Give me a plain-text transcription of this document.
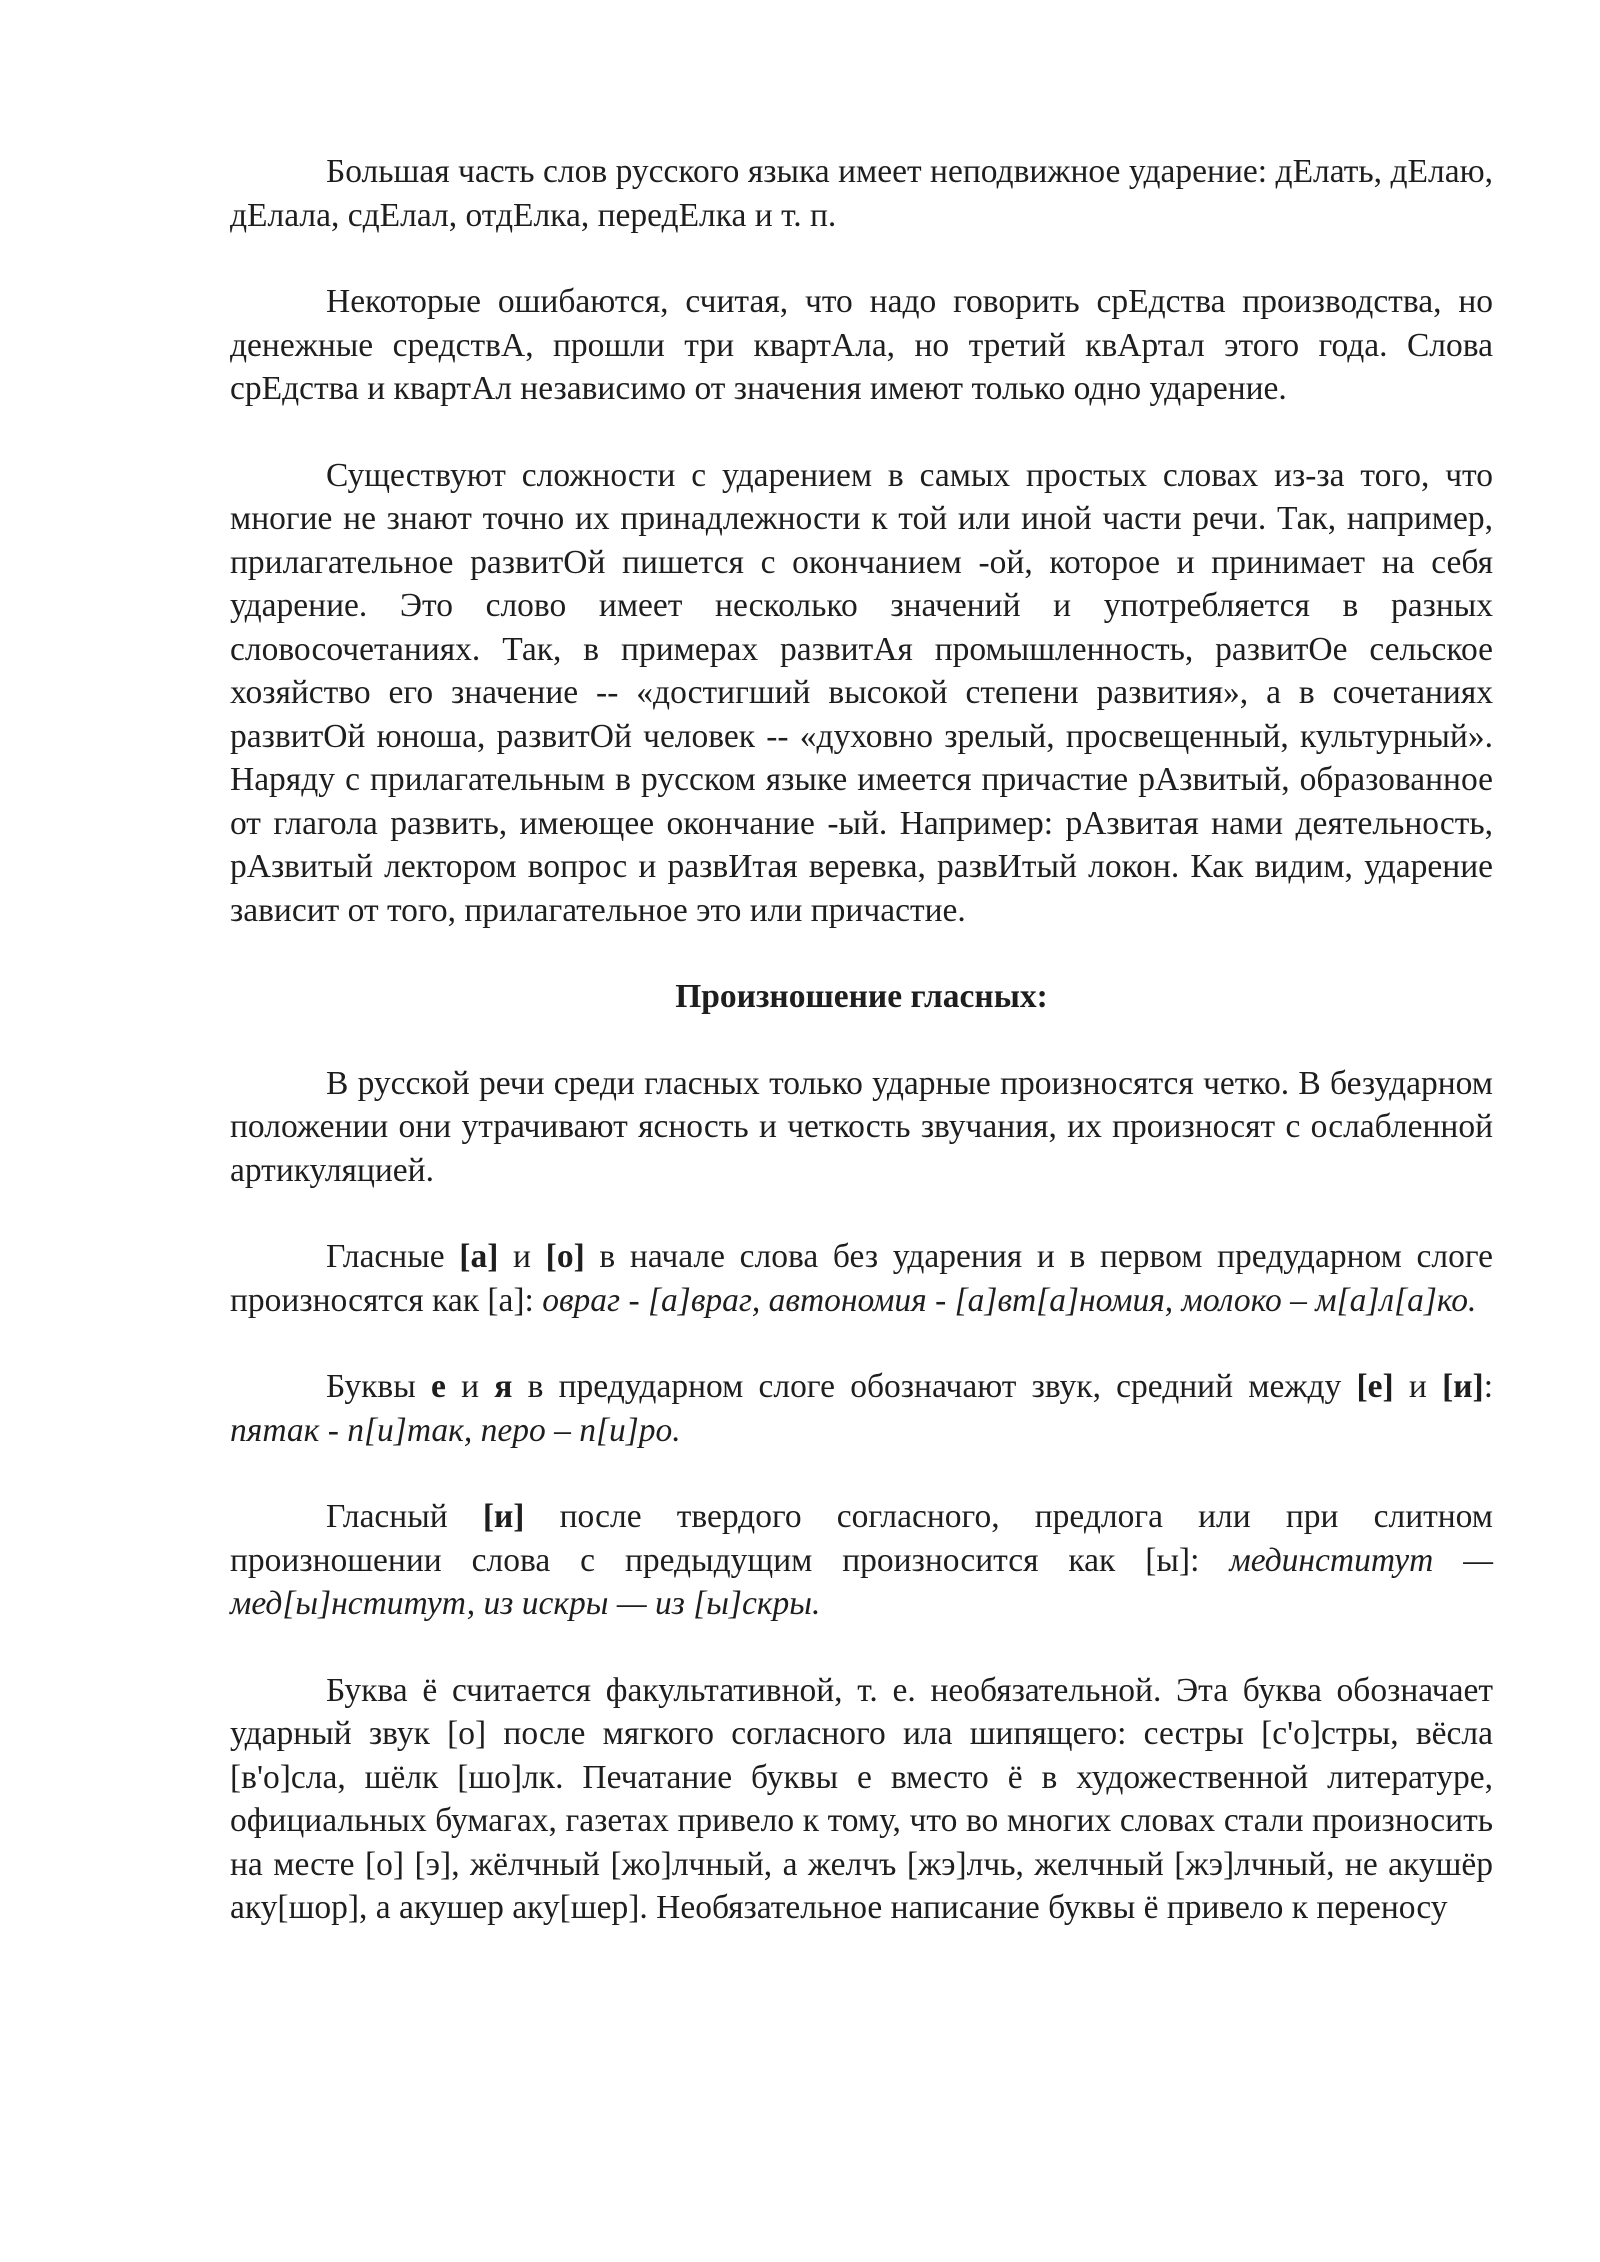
Большая часть слов русского языка имеет неподвижное ударение: дЕлать, дЕлаю, дЕлала, сдЕлал, отдЕлка, передЕлка и т. п.

Некоторые ошибаются, считая, что надо говорить срЕдства производства, но денежные средствА, прошли три квартАла, но третий квАртал этого года. Слова срЕдства и квартАл независимо от значения имеют только одно ударение.

Существуют сложности с ударением в самых простых словах из-за того, что многие не знают точно их принадлежности к той или иной части речи. Так, например, прилагательное развитОй пишется с окончанием -ой, которое и принимает на себя ударение. Это слово имеет несколько значений и употребляется в разных словосочетаниях. Так, в примерах развитАя промышленность, развитОе сельское хозяйство его значение -- «достигший высокой степени развития», а в сочетаниях развитОй юноша, развитОй человек -- «духовно зрелый, просвещенный, культурный». Наряду с прилагательным в русском языке имеется причастие рАзвитый, образованное от глагола развить, имеющее окончание -ый. Например: рАзвитая нами деятельность, рАзвитый лектором вопрос и развИтая веревка, развИтый локон. Как видим, ударение зависит от того, прилагательное это или причастие.

Произношение гласных:

В русской речи среди гласных только ударные произносятся четко. В безударном положении они утрачивают ясность и четкость звучания, их произносят с ослабленной артикуляцией.

Гласные [а] и [о] в начале слова без ударения и в первом предударном слоге произносятся как [а]: овраг - [а]враг, автономия - [а]вт[а]номия, молоко – м[а]л[а]ко.

Буквы е и я в предударном слоге обозначают звук, средний между [е] и [и]: пятак - п[и]так, перо – п[и]ро.

Гласный [и] после твердого согласного, предлога или при слитном произношении слова с предыдущим произносится как [ы]: мединститут — мед[ы]нститут, из искры — из [ы]скры.

Буква ё считается факультативной, т. е. необязательной. Эта буква обозначает ударный звук [о] после мягкого согласного ила шипящего: сестры [с'о]стры, вёсла [в'о]сла, шёлк [шо]лк. Печатание буквы е вместо ё в художественной литературе, официальных бумагах, газетах привело к тому, что во многих словах стали произносить на месте [о] [э], жёлчный [жо]лчный, а желчъ [жэ]лчь, желчный [жэ]лчный, не акушёр аку[шор], а акушер аку[шер]. Необязательное написание буквы ё привело к переносу
